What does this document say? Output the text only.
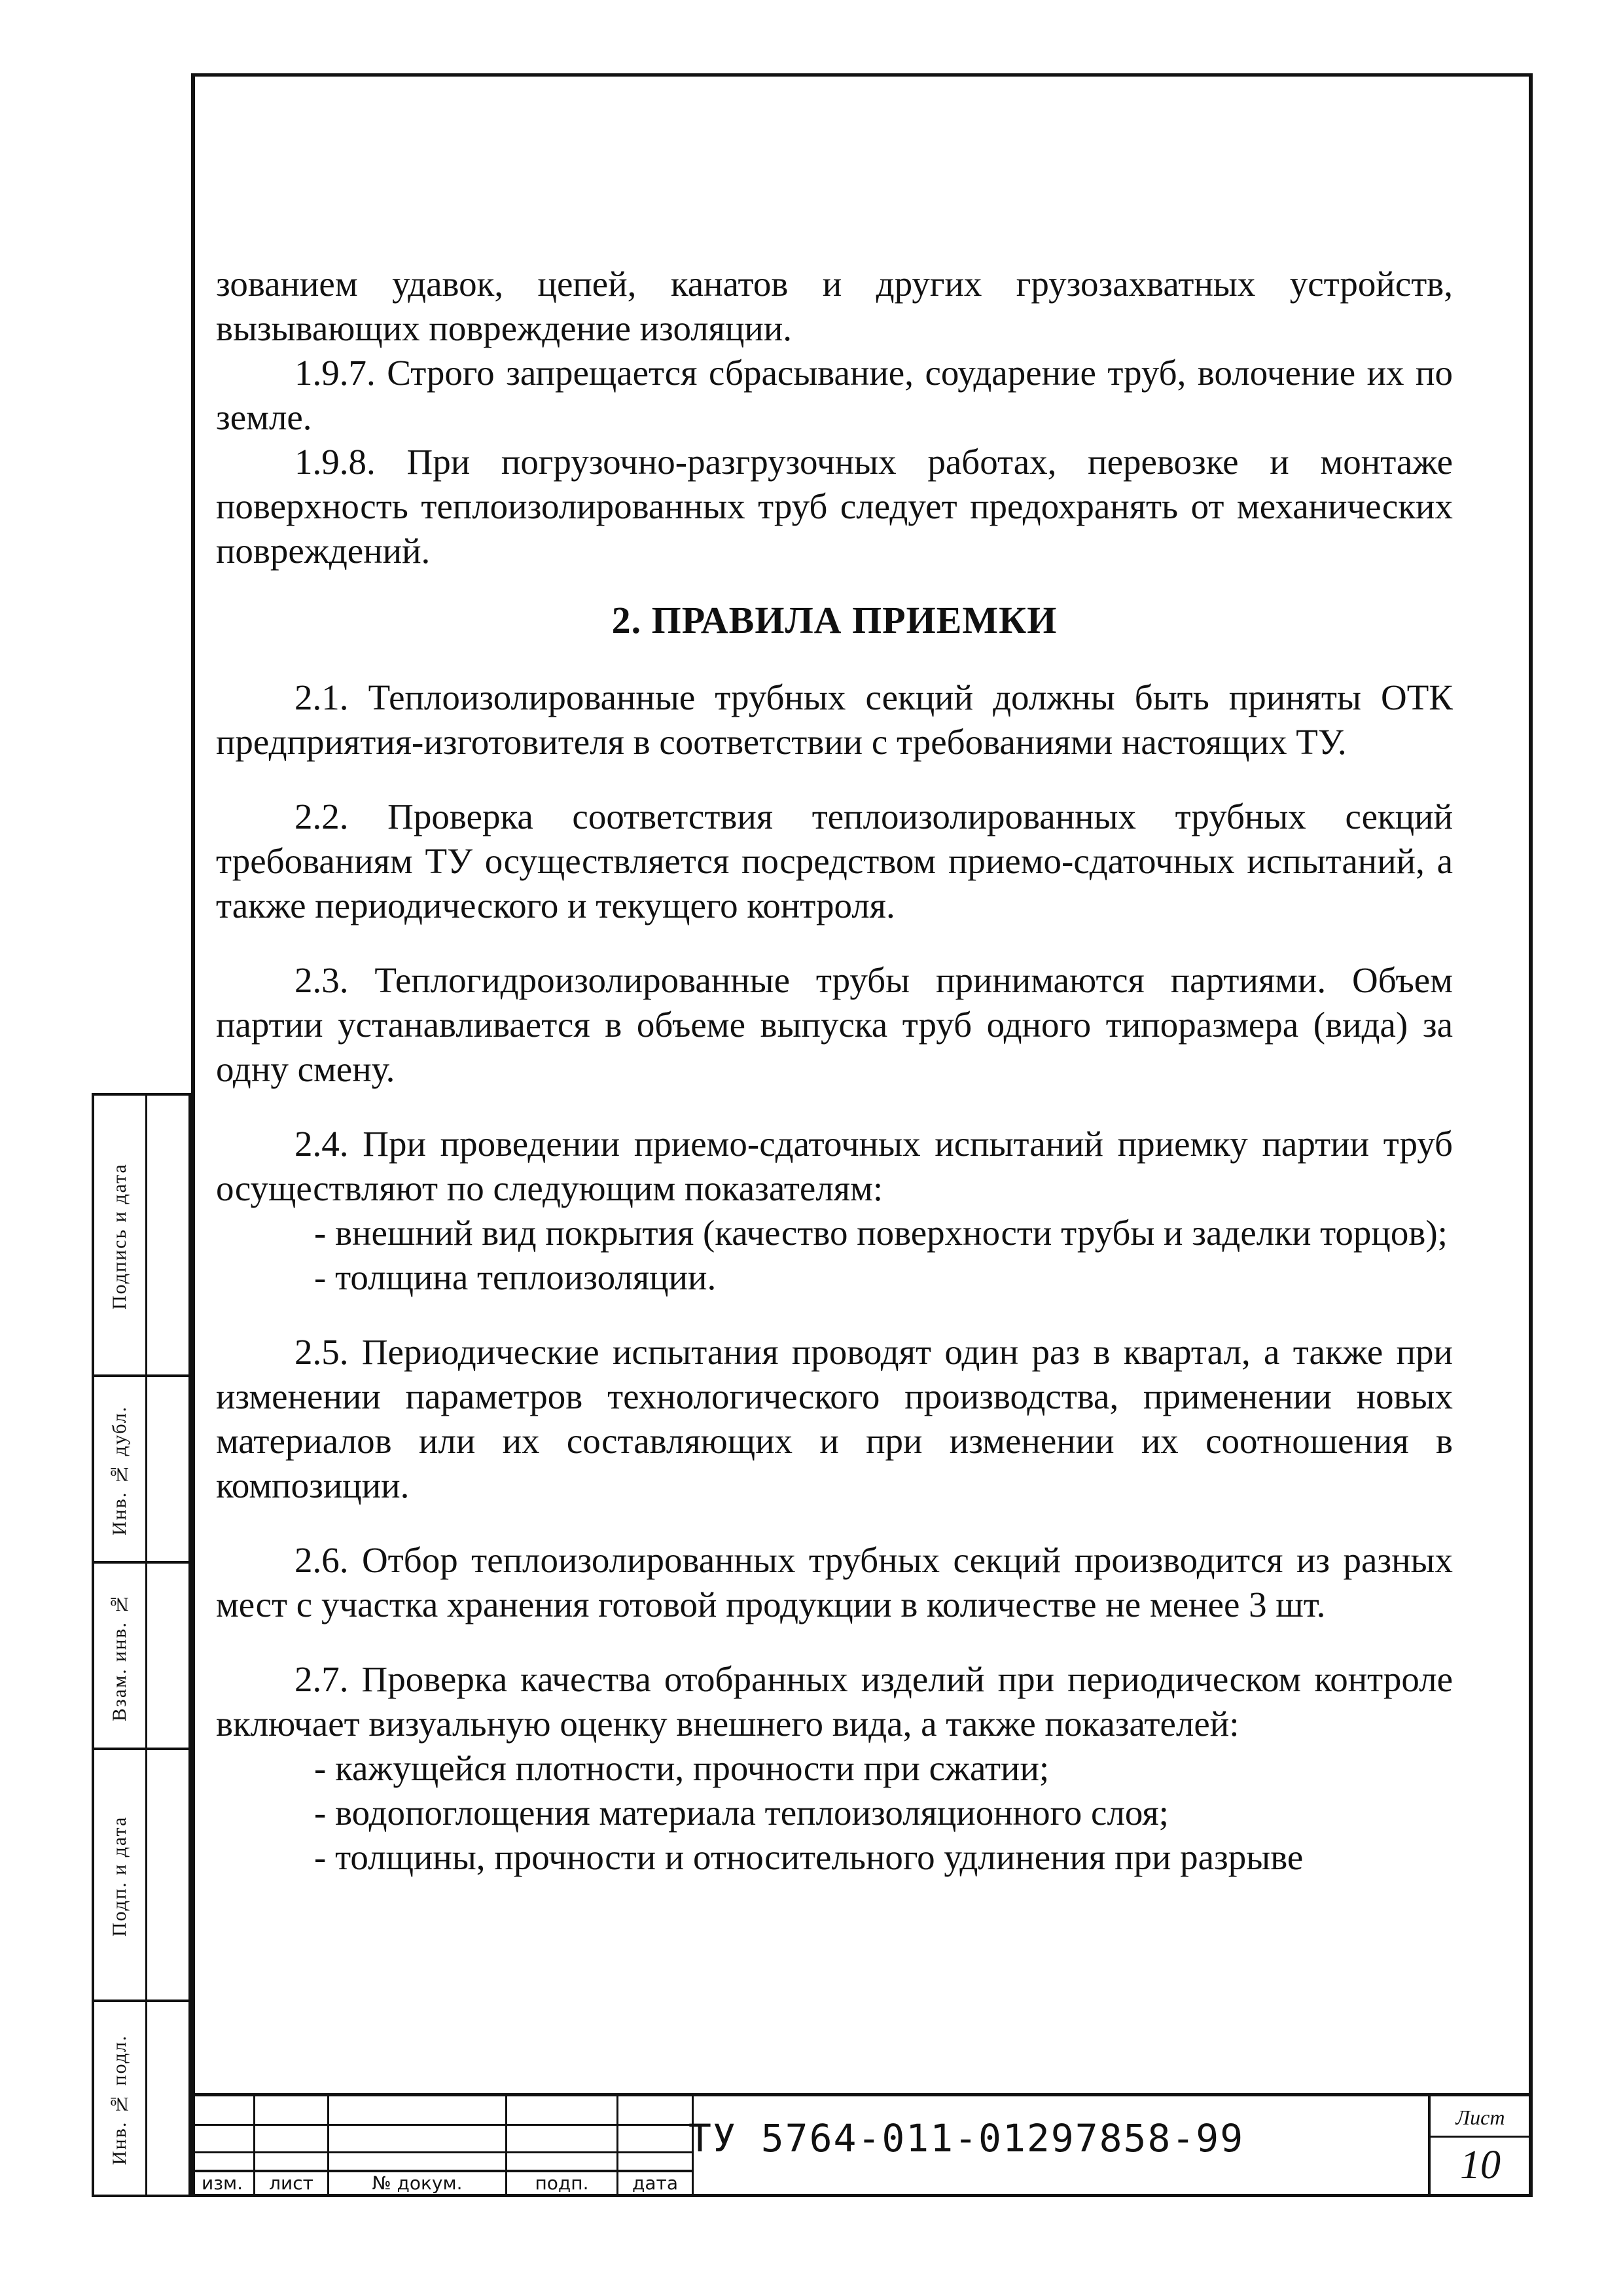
зованием удавок, цепей, канатов и других грузозахватных устройств, вызывающих повреждение изоляции.

1.9.7. Строго запрещается сбрасывание, соударение труб, волочение их по земле.

1.9.8. При погрузочно-разгрузочных работах, перевозке и монтаже поверхность теплоизолированных труб следует предохранять от механических повреждений.

2. ПРАВИЛА ПРИЕМКИ

2.1. Теплоизолированные трубных секций должны быть приняты ОТК предприятия-изготовителя в соответствии с требованиями настоящих ТУ.

2.2. Проверка соответствия теплоизолированных трубных секций требованиям ТУ осуществляется посредством приемо-сдаточных испытаний, а также периодического и текущего контроля.

2.3. Теплогидроизолированные трубы принимаются партиями. Объем партии устанавливается в объеме выпуска труб одного типоразмера (вида) за одну смену.

2.4. При проведении приемо-сдаточных испытаний приемку партии труб осуществляют по следующим показателям:

- внешний вид покрытия (качество поверхности трубы и заделки торцов);

- толщина теплоизоляции.

2.5. Периодические испытания проводят один раз в квартал, а также при изменении параметров технологического производства, применении новых материалов или их составляющих и при изменении их соотношения в композиции.

2.6. Отбор теплоизолированных трубных секций производится из разных мест с участка хранения готовой продукции в количестве не менее 3 шт.

2.7. Проверка качества отобранных изделий при периодическом контроле включает визуальную оценку внешнего вида, а также показателей:

- кажущейся плотности, прочности при сжатии;

- водопоглощения материала теплоизоляционного слоя;

- толщины, прочности и относительного удлинения при разрыве

Подпись и дата
Инв. № дубл.
Взам. инв. №
Подп. и дата
Инв. № подл.
изм.	лист	№ докум.	подп.	дата
ТУ 5764-011-01297858-99	Лист
10
